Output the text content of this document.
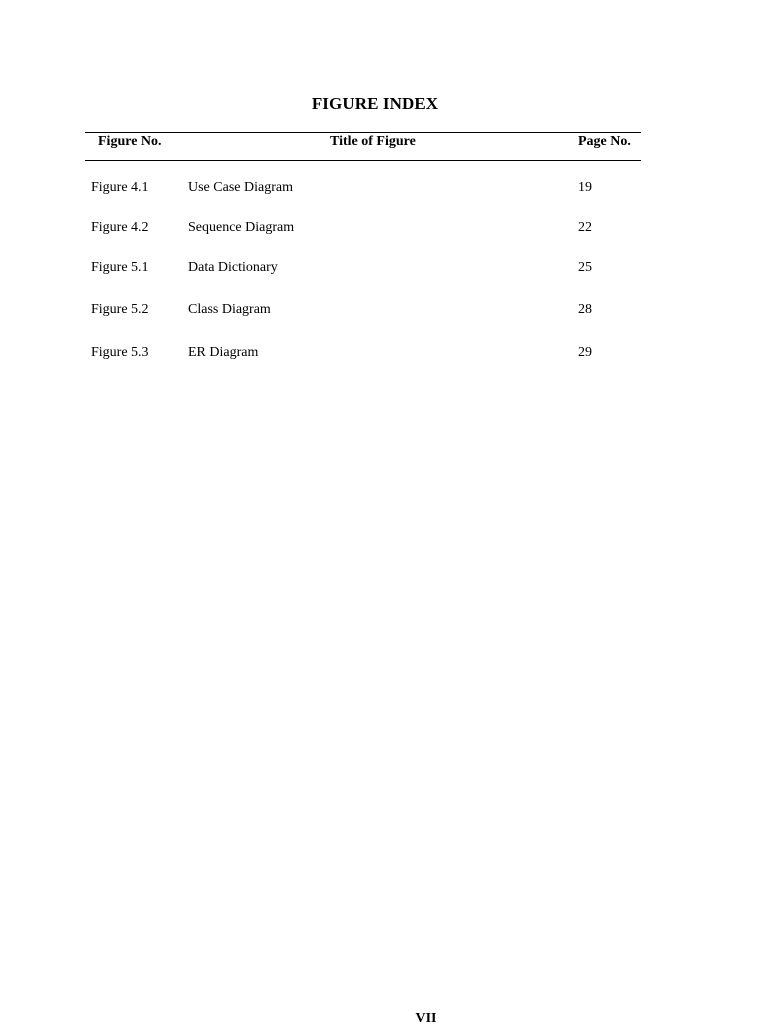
FIGURE INDEX
Figure No.	Title of Figure	Page No.
Figure 4.1	Use Case Diagram	19
Figure 4.2	Sequence Diagram	22
Figure 5.1	Data Dictionary	25
Figure 5.2	Class Diagram	28
Figure 5.3	ER Diagram	29
VII
